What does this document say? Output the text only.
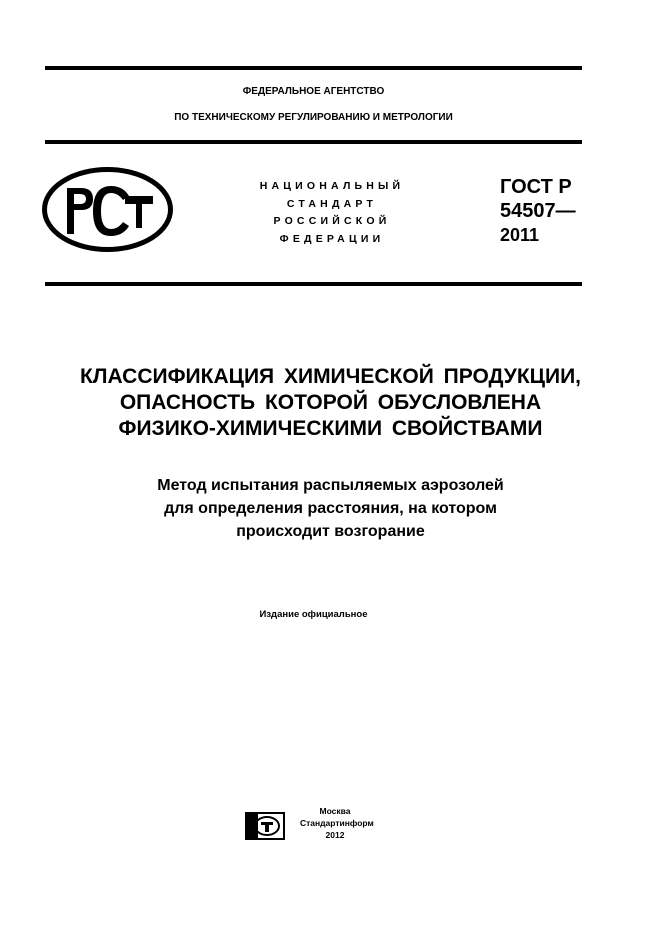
ФЕДЕРАЛЬНОЕ АГЕНТСТВО
ПО ТЕХНИЧЕСКОМУ РЕГУЛИРОВАНИЮ И МЕТРОЛОГИИ
НАЦИОНАЛЬНЫЙ
СТАНДАРТ
РОССИЙСКОЙ
ФЕДЕРАЦИИ
ГОСТ Р
54507—
2011
КЛАССИФИКАЦИЯ ХИМИЧЕСКОЙ ПРОДУКЦИИ,
ОПАСНОСТЬ КОТОРОЙ ОБУСЛОВЛЕНА
ФИЗИКО-ХИМИЧЕСКИМИ СВОЙСТВАМИ
Метод испытания распыляемых аэрозолей
для определения расстояния, на котором
происходит возгорание
Издание официальное
Москва
Стандартинформ
2012
